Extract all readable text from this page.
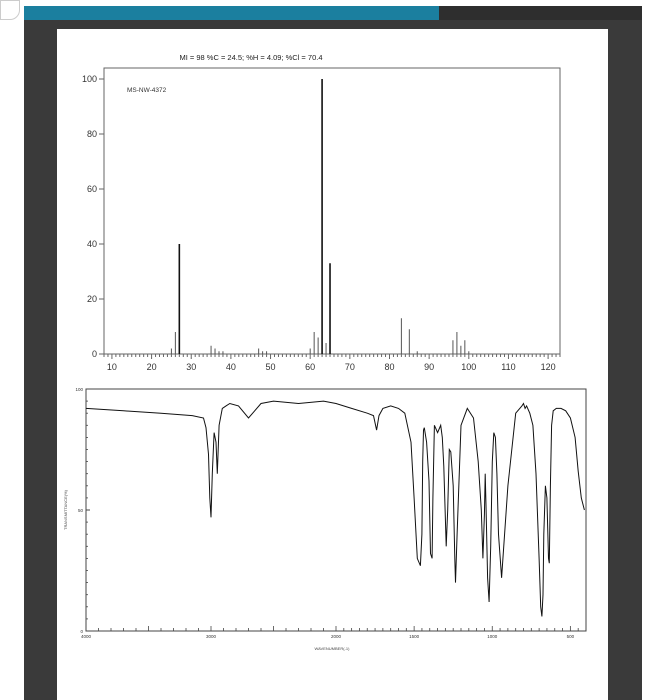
MI = 98 %C = 24.5; %H = 4.09; %Cl = 70.4
MS-NW-4372
0
20
40
60
80
100
10	20	30	40	50	60	70	80	90	100	110	120
0
50
100
4000	3000	2000	1500	1000	500
TRANSMITTANCE(%)
WAVENUMBER(-1)
